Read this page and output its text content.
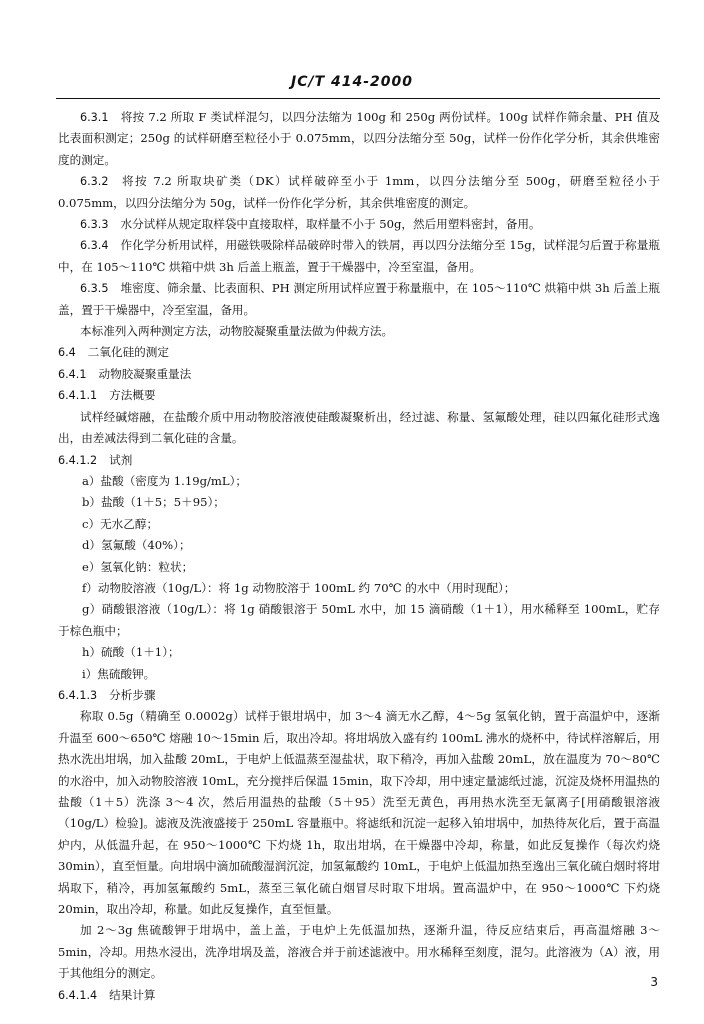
JC/T 414-2000

6.3.1 将按 7.2 所取 F 类试样混匀，以四分法缩为 100g 和 250g 两份试样。100g 试样作筛余量、PH 值及比表面积测定；250g 的试样研磨至粒径小于 0.075mm，以四分法缩分至 50g，试样一份作化学分析，其余供堆密度的测定。

6.3.2 将按 7.2 所取块矿类（DK）试样破碎至小于 1mm，以四分法缩分至 500g，研磨至粒径小于 0.075mm，以四分法缩分为 50g，试样一份作化学分析，其余供堆密度的测定。

6.3.3 水分试样从规定取样袋中直接取样，取样量不小于 50g，然后用塑料密封，备用。

6.3.4 作化学分析用试样，用磁铁吸除样品破碎时带入的铁屑，再以四分法缩分至 15g，试样混匀后置于称量瓶中，在 105～110℃ 烘箱中烘 3h 后盖上瓶盖，置于干燥器中，冷至室温，备用。

6.3.5 堆密度、筛余量、比表面积、PH 测定所用试样应置于称量瓶中，在 105～110℃ 烘箱中烘 3h 后盖上瓶盖，置于干燥器中，冷至室温，备用。

本标准列入两种测定方法，动物胶凝聚重量法做为仲裁方法。

6.4 二氧化硅的测定

6.4.1 动物胶凝聚重量法

6.4.1.1 方法概要

试样经碱熔融，在盐酸介质中用动物胶溶液使硅酸凝聚析出，经过滤、称量、氢氟酸处理，硅以四氟化硅形式逸出，由差减法得到二氧化硅的含量。

6.4.1.2 试剂

a）盐酸（密度为 1.19g/mL）；

b）盐酸（1＋5；5＋95）；

c）无水乙醇；

d）氢氟酸（40%）；

e）氢氧化钠：粒状；

f）动物胶溶液（10g/L）：将 1g 动物胶溶于 100mL 约 70℃ 的水中（用时现配）；

g）硝酸银溶液（10g/L）：将 1g 硝酸银溶于 50mL 水中，加 15 滴硝酸（1＋1），用水稀释至 100mL，贮存于棕色瓶中；

h）硫酸（1＋1）；

i）焦硫酸钾。

6.4.1.3 分析步骤

称取 0.5g（精确至 0.0002g）试样于银坩埚中，加 3～4 滴无水乙醇，4～5g 氢氧化钠，置于高温炉中，逐渐升温至 600～650℃ 熔融 10～15min 后，取出冷却。将坩埚放入盛有约 100mL 沸水的烧杯中，待试样溶解后，用热水洗出坩埚，加入盐酸 20mL，于电炉上低温蒸至湿盐状，取下稍冷，再加入盐酸 20mL，放在温度为 70～80℃ 的水浴中，加入动物胶溶液 10mL，充分搅拌后保温 15min，取下冷却，用中速定量滤纸过滤，沉淀及烧杯用温热的盐酸（1＋5）洗涤 3～4 次，然后用温热的盐酸（5＋95）洗至无黄色，再用热水洗至无氯离子[用硝酸银溶液（10g/L）检验]。滤液及洗液盛接于 250mL 容量瓶中。将滤纸和沉淀一起移入铂坩埚中，加热待灰化后，置于高温炉内，从低温升起，在 950～1000℃ 下灼烧 1h，取出坩埚，在干燥器中冷却，称量，如此反复操作（每次灼烧 30min），直至恒量。向坩埚中滴加硫酸湿润沉淀，加氢氟酸约 10mL，于电炉上低温加热至逸出三氧化硫白烟时将坩埚取下，稍冷，再加氢氟酸约 5mL，蒸至三氧化硫白烟冒尽时取下坩埚。置高温炉中，在 950～1000℃ 下灼烧 20min，取出冷却，称量。如此反复操作，直至恒量。

加 2～3g 焦硫酸钾于坩埚中，盖上盖，于电炉上先低温加热，逐渐升温，待反应结束后，再高温熔融 3～5min，冷却。用热水浸出，洗净坩埚及盖，溶液合并于前述滤液中。用水稀释至刻度，混匀。此溶液为（A）液，用于其他组分的测定。

6.4.1.4 结果计算

3
